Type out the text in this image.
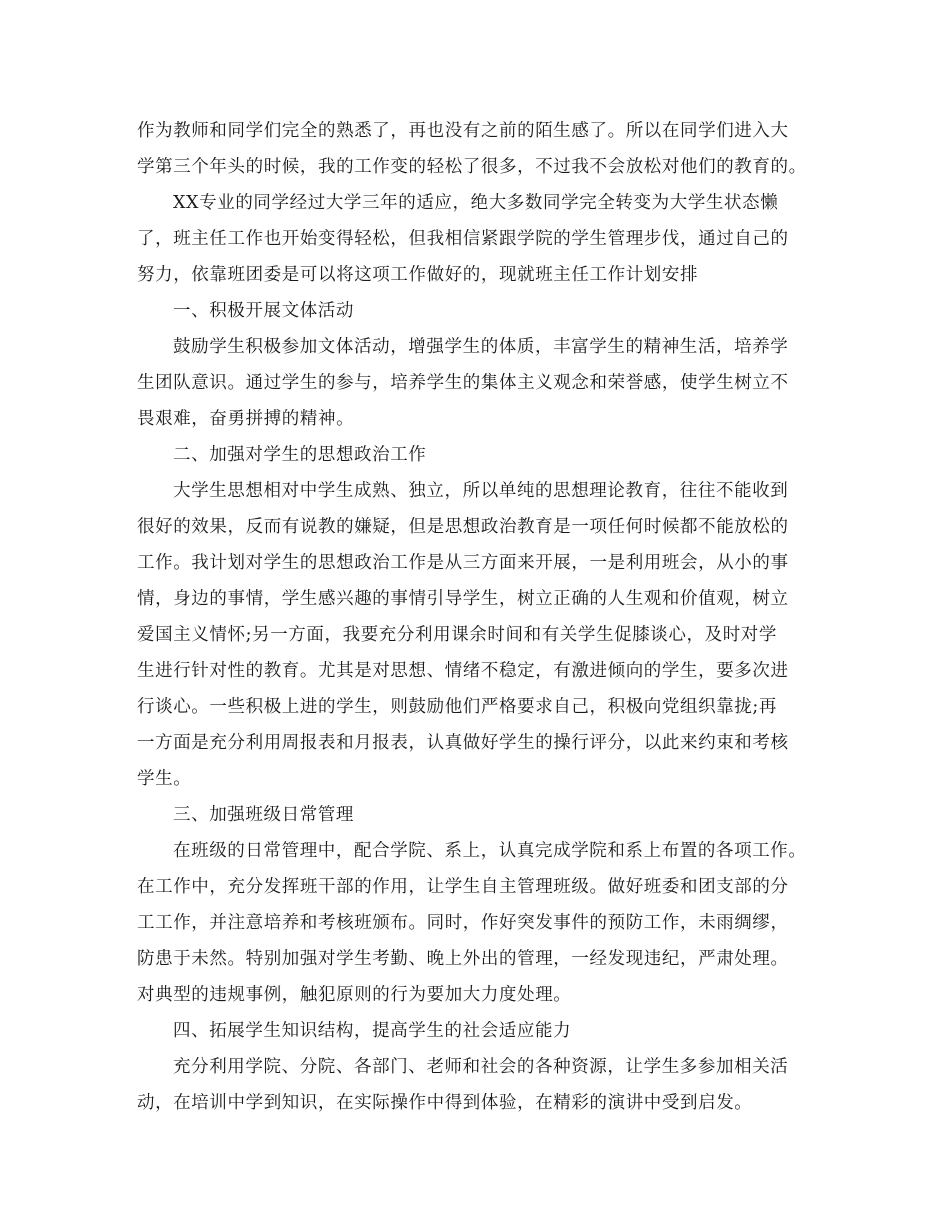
作为教师和同学们完全的熟悉了，再也没有之前的陌生感了。所以在同学们进入大
学第三个年头的时候，我的工作变的轻松了很多，不过我不会放松对他们的教育的。
XX专业的同学经过大学三年的适应，绝大多数同学完全转变为大学生状态懒
了，班主任工作也开始变得轻松，但我相信紧跟学院的学生管理步伐，通过自己的
努力，依靠班团委是可以将这项工作做好的，现就班主任工作计划安排
一、积极开展文体活动
鼓励学生积极参加文体活动，增强学生的体质，丰富学生的精神生活，培养学
生团队意识。通过学生的参与，培养学生的集体主义观念和荣誉感，使学生树立不
畏艰难，奋勇拼搏的精神。
二、加强对学生的思想政治工作
大学生思想相对中学生成熟、独立，所以单纯的思想理论教育，往往不能收到
很好的效果，反而有说教的嫌疑，但是思想政治教育是一项任何时候都不能放松的
工作。我计划对学生的思想政治工作是从三方面来开展，一是利用班会，从小的事
情，身边的事情，学生感兴趣的事情引导学生，树立正确的人生观和价值观，树立
爱国主义情怀;另一方面，我要充分利用课余时间和有关学生促膝谈心，及时对学
生进行针对性的教育。尤其是对思想、情绪不稳定，有激进倾向的学生，要多次进
行谈心。一些积极上进的学生，则鼓励他们严格要求自己，积极向党组织靠拢;再
一方面是充分利用周报表和月报表，认真做好学生的操行评分，以此来约束和考核
学生。
三、加强班级日常管理
在班级的日常管理中，配合学院、系上，认真完成学院和系上布置的各项工作。
在工作中，充分发挥班干部的作用，让学生自主管理班级。做好班委和团支部的分
工工作，并注意培养和考核班颁布。同时，作好突发事件的预防工作，未雨绸缪，
防患于未然。特别加强对学生考勤、晚上外出的管理，一经发现违纪，严肃处理。
对典型的违规事例，触犯原则的行为要加大力度处理。
四、拓展学生知识结构，提高学生的社会适应能力
充分利用学院、分院、各部门、老师和社会的各种资源，让学生多参加相关活
动，在培训中学到知识，在实际操作中得到体验，在精彩的演讲中受到启发。
